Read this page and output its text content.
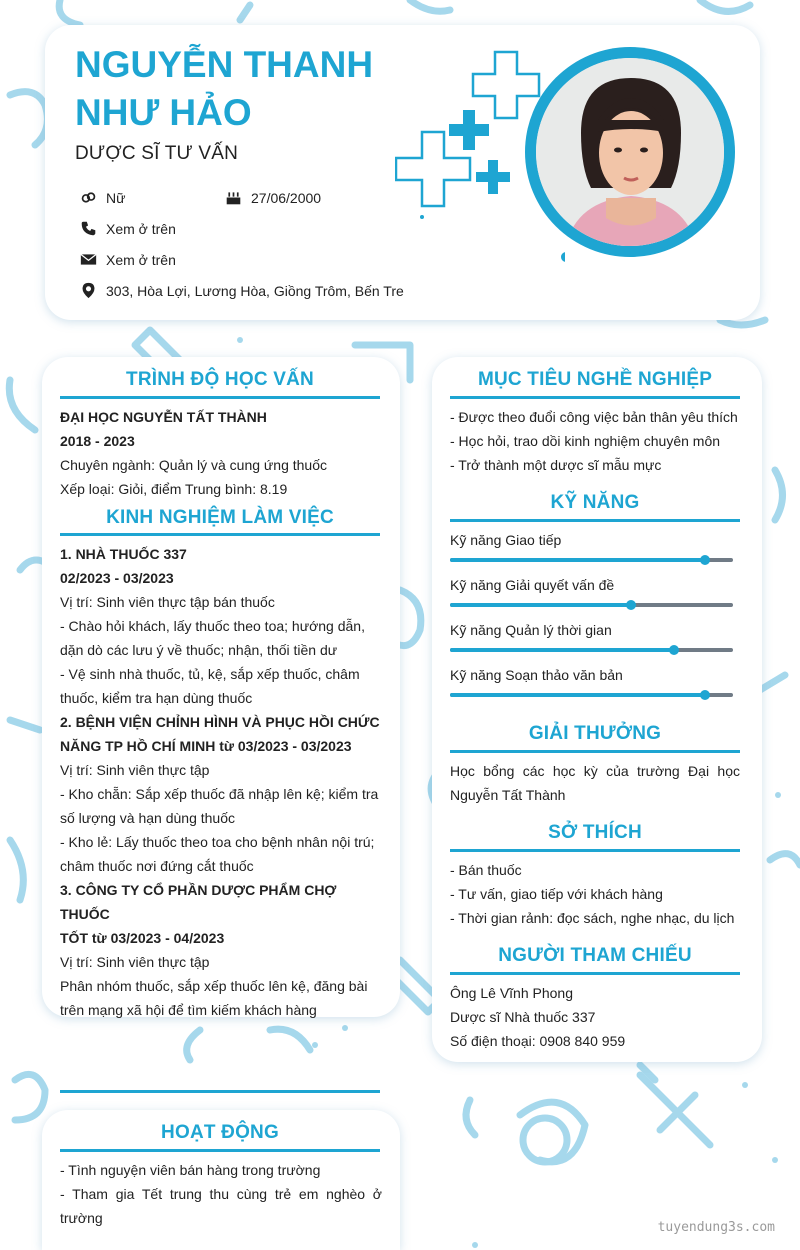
NGUYỄN THANH
NHƯ HẢO
DƯỢC SĨ TƯ VẤN
Nữ	27/06/2000
Xem ở trên
Xem ở trên
303, Hòa Lợi, Lương Hòa, Giồng Trôm, Bến Tre
TRÌNH ĐỘ HỌC VẤN
ĐẠI HỌC NGUYỄN TẤT THÀNH
2018 - 2023
Chuyên ngành: Quản lý và cung ứng thuốc
Xếp loại: Giỏi, điểm Trung bình: 8.19
KINH NGHIỆM LÀM VIỆC
1. NHÀ THUỐC 337
02/2023 - 03/2023
Vị trí: Sinh viên thực tập bán thuốc
- Chào hỏi khách, lấy thuốc theo toa; hướng dẫn,
dặn dò các lưu ý về thuốc; nhận, thối tiền dư
- Vệ sinh nhà thuốc, tủ, kệ, sắp xếp thuốc, châm
thuốc, kiểm tra hạn dùng thuốc
2. BỆNH VIỆN CHỈNH HÌNH VÀ PHỤC HỒI CHỨC
NĂNG TP HỒ CHÍ MINH từ 03/2023 - 03/2023
Vị trí: Sinh viên thực tập
- Kho chẵn: Sắp xếp thuốc đã nhập lên kệ; kiểm tra
số lượng và hạn dùng thuốc
- Kho lẻ: Lấy thuốc theo toa cho bệnh nhân nội trú;
châm thuốc nơi đứng cắt thuốc
3. CÔNG TY CỔ PHẦN DƯỢC PHẨM CHỢ THUỐC
TỐT từ 03/2023 - 04/2023
Vị trí: Sinh viên thực tập
Phân nhóm thuốc, sắp xếp thuốc lên kệ, đăng bài
trên mạng xã hội để tìm kiếm khách hàng
MỤC TIÊU NGHỀ NGHIỆP
- Được theo đuổi công việc bản thân yêu thích
- Học hỏi, trao dồi kinh nghiệm chuyên môn
- Trở thành một dược sĩ mẫu mực
KỸ NĂNG
Kỹ năng Giao tiếp
Kỹ năng Giải quyết vấn đề
Kỹ năng Quản lý thời gian
Kỹ năng Soạn thảo văn bản
GIẢI THƯỞNG
Học bổng các học kỳ của trường Đại học Nguyễn Tất Thành
SỞ THÍCH
- Bán thuốc
- Tư vấn, giao tiếp với khách hàng
- Thời gian rảnh: đọc sách, nghe nhạc, du lịch
NGƯỜI THAM CHIẾU
Ông Lê Vĩnh Phong
Dược sĩ Nhà thuốc 337
Số điện thoại: 0908 840 959
HOẠT ĐỘNG
- Tình nguyện viên bán hàng trong trường
- Tham gia Tết trung thu cùng trẻ em nghèo ở trường
tuyendung3s.com
